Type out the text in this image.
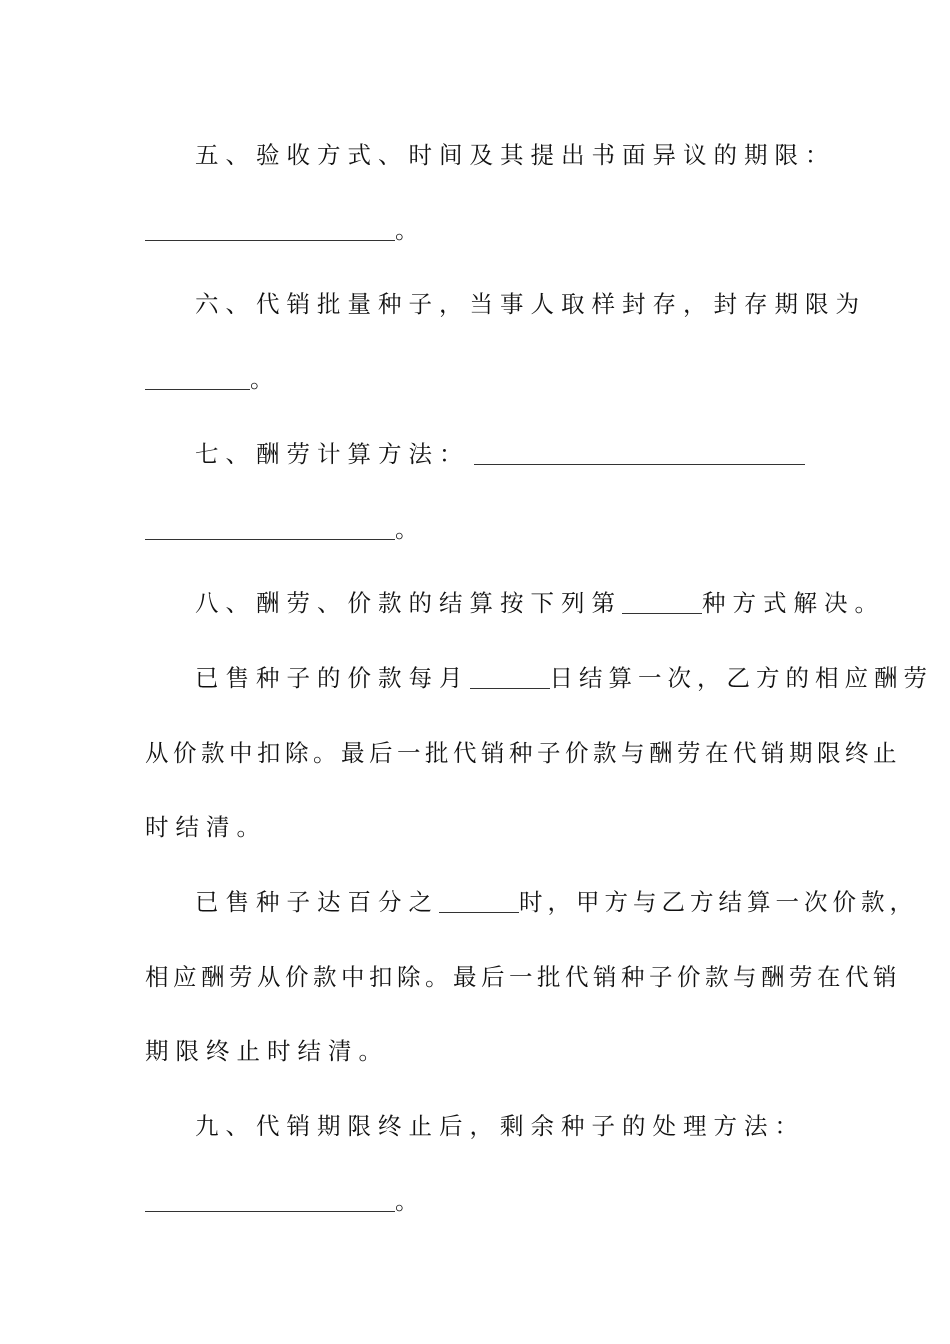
五、验收方式、时间及其提出书面异议的期限：
。
六、代销批量种子，当事人取样封存，封存期限为
。
七、酬劳计算方法：
。
八、酬劳、价款的结算按下列第	种方式解决。
已售种子的价款每月	日结算一次，乙方的相应酬劳
从价款中扣除。最后一批代销种子价款与酬劳在代销期限终止
时结清。
已售种子达百分之	时，甲方与乙方结算一次价款，
相应酬劳从价款中扣除。最后一批代销种子价款与酬劳在代销
期限终止时结清。
九、代销期限终止后，剩余种子的处理方法：
。
